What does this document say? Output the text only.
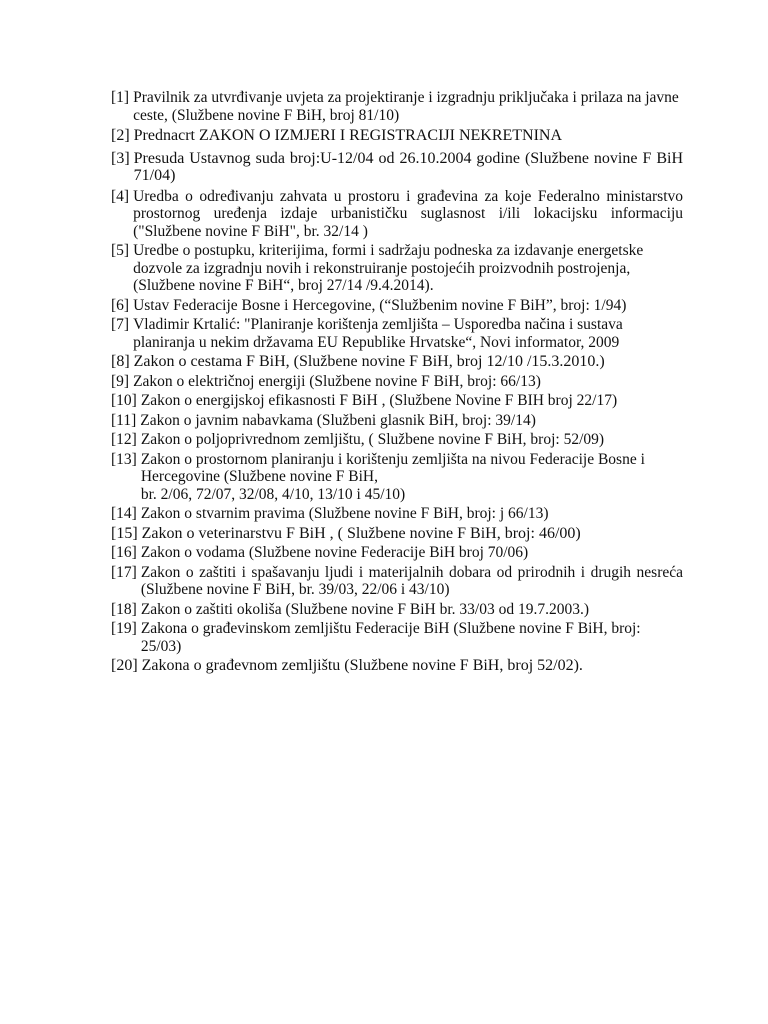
[1] Pravilnik za utvrđivanje uvjeta za projektiranje i izgradnju priključaka i prilaza na javne ceste, (Službene novine F BiH, broj 81/10)
[2] Prednacrt ZAKON O IZMJERI I REGISTRACIJI NEKRETNINA
[3] Presuda Ustavnog suda broj:U-12/04 od 26.10.2004 godine (Službene novine F BiH 71/04)
[4] Uredba o određivanju zahvata u prostoru i građevina za koje Federalno ministarstvo prostornog uređenja izdaje urbanističku suglasnost i/ili lokacijsku informaciju ("Službene novine F BiH", br. 32/14 )
[5] Uredbe o postupku, kriterijima, formi i sadržaju podneska za izdavanje energetske dozvole za izgradnju novih i rekonstruiranje postojećih proizvodnih postrojenja, (Službene novine F BiH“, broj 27/14 /9.4.2014).
[6] Ustav Federacije Bosne i Hercegovine, (“Službenim novine F BiH”, broj: 1/94)
[7] Vladimir Krtalić: "Planiranje korištenja zemljišta – Usporedba načina i sustava planiranja u nekim državama EU Republike Hrvatske“, Novi informator, 2009
[8] Zakon o cestama F BiH, (Službene novine F BiH, broj 12/10 /15.3.2010.)
[9] Zakon o električnoj energiji (Službene novine F BiH, broj: 66/13)
[10] Zakon o energijskoj efikasnosti F BiH , (Službene Novine F BIH broj 22/17)
[11] Zakon o javnim nabavkama (Službeni glasnik BiH, broj: 39/14)
[12] Zakon o poljoprivrednom zemljištu, ( Službene novine F BiH, broj: 52/09)
[13] Zakon o prostornom planiranju i korištenju zemljišta na nivou Federacije Bosne i Hercegovine (Službene novine F BiH,
br. 2/06, 72/07, 32/08, 4/10, 13/10 i 45/10)
[14] Zakon o stvarnim pravima (Službene novine F BiH, broj: j 66/13)
[15] Zakon o veterinarstvu F BiH , ( Službene novine F BiH, broj: 46/00)
[16] Zakon o vodama (Službene novine Federacije BiH broj 70/06)
[17] Zakon o zaštiti i spašavanju ljudi i materijalnih dobara od prirodnih i drugih nesreća (Službene novine F BiH, br. 39/03, 22/06 i 43/10)
[18] Zakon o zaštiti okoliša (Službene novine F BiH br. 33/03 od 19.7.2003.)
[19] Zakona o građevinskom zemljištu Federacije BiH (Službene novine F BiH, broj: 25/03)
[20] Zakona o građevnom zemljištu (Službene novine F BiH, broj 52/02).
